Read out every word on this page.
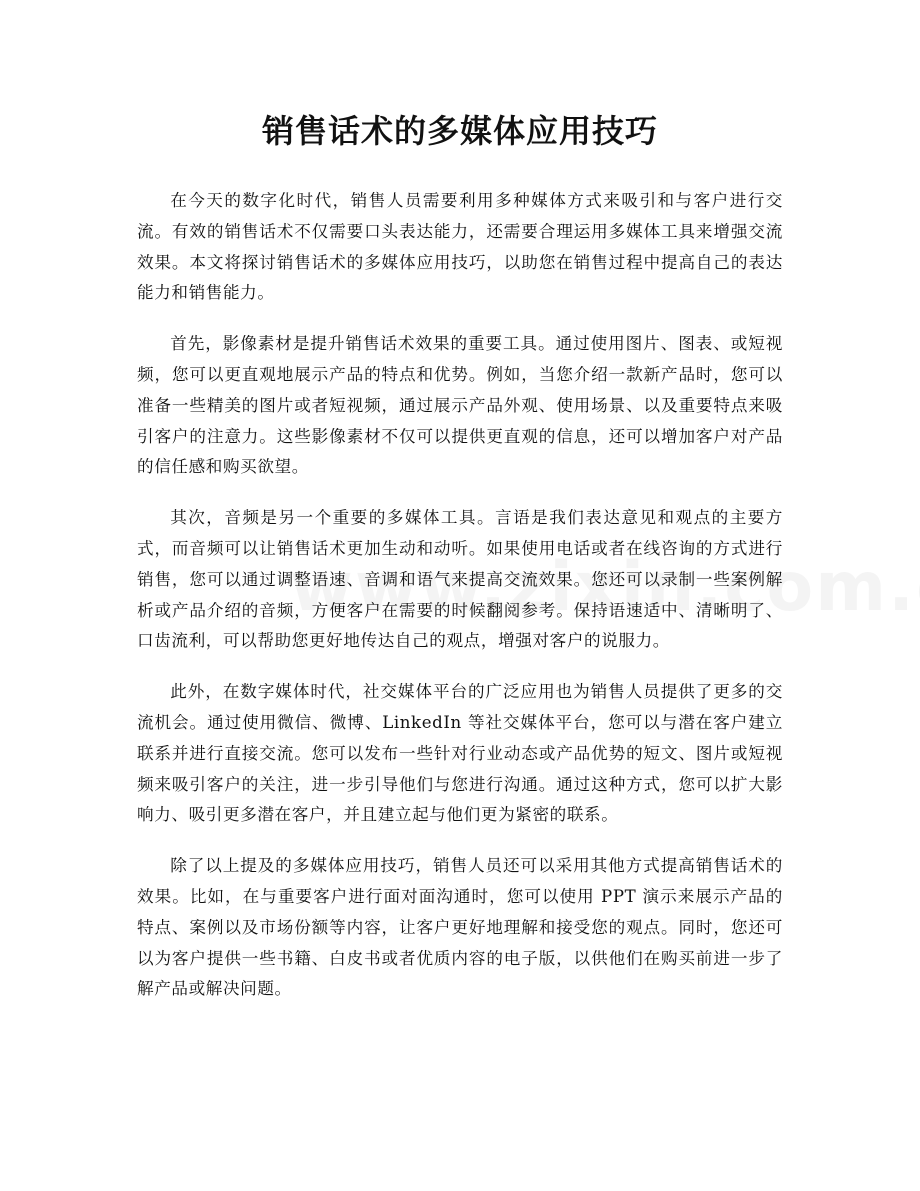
销售话术的多媒体应用技巧

在今天的数字化时代，销售人员需要利用多种媒体方式来吸引和与客户进行交流。有效的销售话术不仅需要口头表达能力，还需要合理运用多媒体工具来增强交流效果。本文将探讨销售话术的多媒体应用技巧，以助您在销售过程中提高自己的表达能力和销售能力。

首先，影像素材是提升销售话术效果的重要工具。通过使用图片、图表、或短视频，您可以更直观地展示产品的特点和优势。例如，当您介绍一款新产品时，您可以准备一些精美的图片或者短视频，通过展示产品外观、使用场景、以及重要特点来吸引客户的注意力。这些影像素材不仅可以提供更直观的信息，还可以增加客户对产品的信任感和购买欲望。

其次，音频是另一个重要的多媒体工具。言语是我们表达意见和观点的主要方式，而音频可以让销售话术更加生动和动听。如果使用电话或者在线咨询的方式进行销售，您可以通过调整语速、音调和语气来提高交流效果。您还可以录制一些案例解析或产品介绍的音频，方便客户在需要的时候翻阅参考。保持语速适中、清晰明了、口齿流利，可以帮助您更好地传达自己的观点，增强对客户的说服力。

此外，在数字媒体时代，社交媒体平台的广泛应用也为销售人员提供了更多的交流机会。通过使用微信、微博、LinkedIn 等社交媒体平台，您可以与潜在客户建立联系并进行直接交流。您可以发布一些针对行业动态或产品优势的短文、图片或短视频来吸引客户的关注，进一步引导他们与您进行沟通。通过这种方式，您可以扩大影响力、吸引更多潜在客户，并且建立起与他们更为紧密的联系。

除了以上提及的多媒体应用技巧，销售人员还可以采用其他方式提高销售话术的效果。比如，在与重要客户进行面对面沟通时，您可以使用 PPT 演示来展示产品的特点、案例以及市场份额等内容，让客户更好地理解和接受您的观点。同时，您还可以为客户提供一些书籍、白皮书或者优质内容的电子版，以供他们在购买前进一步了解产品或解决问题。
